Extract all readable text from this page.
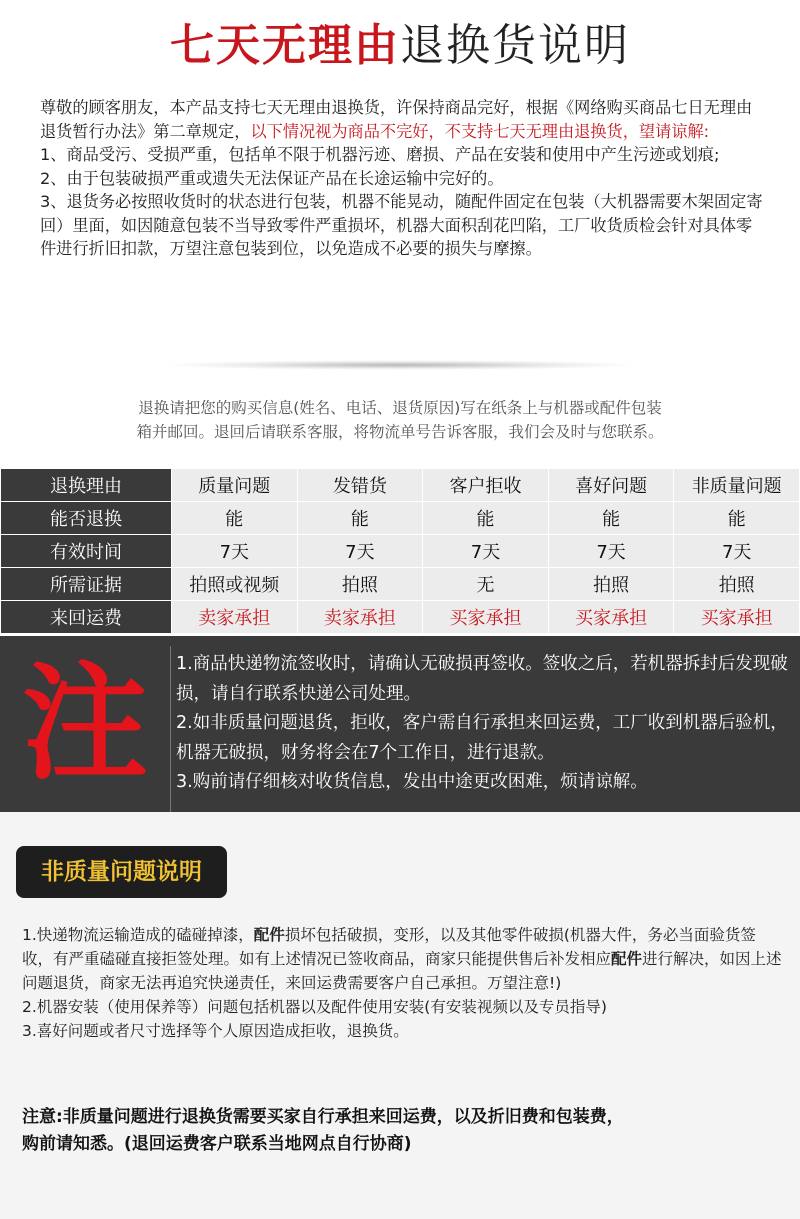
七天无理由退换货说明

尊敬的顾客朋友，本产品支持七天无理由退换货，许保持商品完好，根据《网络购买商品七日无理由退货暂行办法》第二章规定，以下情况视为商品不完好，不支持七天无理由退换货，望请谅解:

1、商品受污、受损严重，包括单不限于机器污迹、磨损、产品在安装和使用中产生污迹或划痕;

2、由于包装破损严重或遗失无法保证产品在长途运输中完好的。

3、退货务必按照收货时的状态进行包装，机器不能晃动，随配件固定在包装（大机器需要木架固定寄回）里面，如因随意包装不当导致零件严重损坏，机器大面积刮花凹陷，工厂收货质检会针对具体零件进行折旧扣款，万望注意包装到位，以免造成不必要的损失与摩擦。

退换请把您的购买信息(姓名、电话、退货原因)写在纸条上与机器或配件包装

箱并邮回。退回后请联系客服，将物流单号告诉客服，我们会及时与您联系。

退换理由	质量问题	发错货	客户拒收	喜好问题	非质量问题
能否退换	能	能	能	能	能
有效时间	7天	7天	7天	7天	7天
所需证据	拍照或视频	拍照	无	拍照	拍照
来回运费	卖家承担	卖家承担	买家承担	买家承担	买家承担
注	1.商品快递物流签收时，请确认无破损再签收。签收之后，若机器拆封后发现破损，请自行联系快递公司处理。

2.如非质量问题退货，拒收，客户需自行承担来回运费，工厂收到机器后验机，机器无破损，财务将会在7个工作日，进行退款。

3.购前请仔细核对收货信息，发出中途更改困难，烦请谅解。

非质量问题说明

1.快递物流运输造成的磕碰掉漆，配件损坏包括破损，变形，以及其他零件破损(机器大件，务必当面验货签收，有严重磕碰直接拒签处理。如有上述情况已签收商品，商家只能提供售后补发相应配件进行解决，如因上述问题退货，商家无法再追究快递责任，来回运费需要客户自己承担。万望注意!)

2.机器安装（使用保养等）问题包括机器以及配件使用安装(有安装视频以及专员指导)

3.喜好问题或者尺寸选择等个人原因造成拒收，退换货。

注意:非质量问题进行退换货需要买家自行承担来回运费，以及折旧费和包装费，

购前请知悉。(退回运费客户联系当地网点自行协商)
